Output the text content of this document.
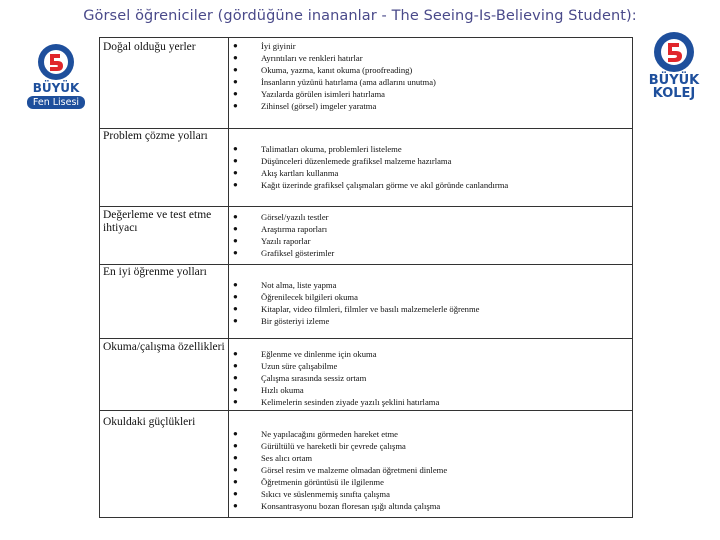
Görsel öğreniciler (gördüğüne inananlar - The Seeing-Is-Believing Student):
BÜYÜK
Fen Lisesi
BÜYÜK
KOLEJ
Doğal olduğu yerler	●	İyi giyinir
●	Ayrıntıları ve renkleri hatırlar
●	Okuma, yazma, kanıt okuma (proofreading)
●	İnsanların yüzünü hatırlama (ama adlarını unutma)
●	Yazılarda görülen isimleri hatırlama
●	Zihinsel (görsel) imgeler yaratma
Problem çözme yolları
●	Talimatları okuma, problemleri listeleme
●	Düşünceleri düzenlemede grafiksel malzeme hazırlama
●	Akış kartları kullanma
●	Kağıt üzerinde grafiksel çalışmaları görme ve akıl göründe canlandırma
Değerleme ve test etme ihtiyacı
●	Görsel/yazılı testler
●	Araştırma raporları
●	Yazılı raporlar
●	Grafiksel gösterimler
En iyi öğrenme yolları
●	Not alma, liste yapma
●	Öğrenilecek bilgileri okuma
●	Kitaplar, video filmleri, filmler ve basılı malzemelerle öğrenme
●	Bir gösteriyi izleme
Okuma/çalışma özellikleri
●	Eğlenme ve dinlenme için okuma
●	Uzun süre çalışabilme
●	Çalışma sırasında sessiz ortam
●	Hızlı okuma
●	Kelimelerin sesinden ziyade yazılı şeklini hatırlama
Okuldaki güçlükleri
●	Ne yapılacağını görmeden hareket etme
●	Gürültülü ve hareketli bir çevrede çalışma
●	Ses alıcı ortam
●	Görsel resim ve malzeme olmadan öğretmeni dinleme
●	Öğretmenin görüntüsü ile ilgilenme
●	Sıkıcı ve süslenmemiş sınıfta çalışma
●	Konsantrasyonu bozan floresan ışığı altında çalışma
